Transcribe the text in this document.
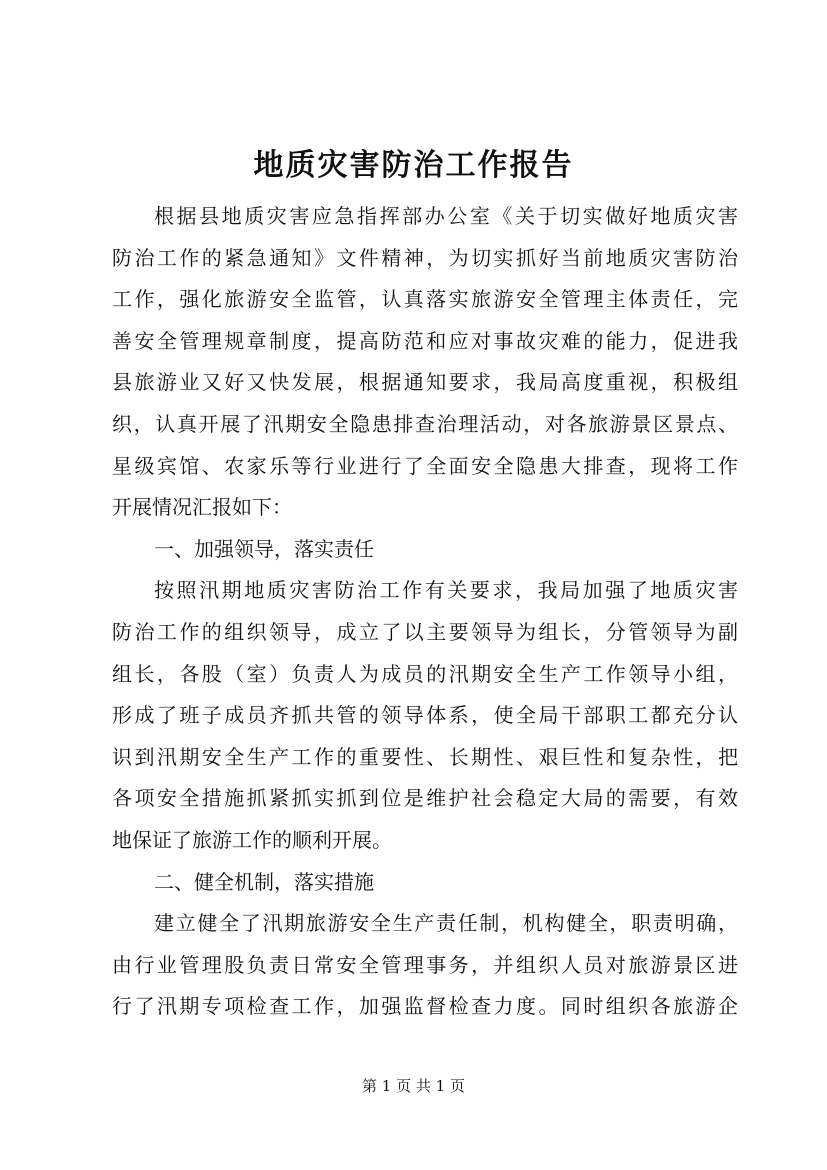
地质灾害防治工作报告

根据县地质灾害应急指挥部办公室《关于切实做好地质灾害

防治工作的紧急通知》文件精神，为切实抓好当前地质灾害防治

工作，强化旅游安全监管，认真落实旅游安全管理主体责任，完

善安全管理规章制度，提高防范和应对事故灾难的能力，促进我

县旅游业又好又快发展，根据通知要求，我局高度重视，积极组

织，认真开展了汛期安全隐患排查治理活动，对各旅游景区景点、

星级宾馆、农家乐等行业进行了全面安全隐患大排查，现将工作

开展情况汇报如下：

一、加强领导，落实责任

按照汛期地质灾害防治工作有关要求，我局加强了地质灾害

防治工作的组织领导，成立了以主要领导为组长，分管领导为副

组长，各股（室）负责人为成员的汛期安全生产工作领导小组，

形成了班子成员齐抓共管的领导体系，使全局干部职工都充分认

识到汛期安全生产工作的重要性、长期性、艰巨性和复杂性，把

各项安全措施抓紧抓实抓到位是维护社会稳定大局的需要，有效

地保证了旅游工作的顺利开展。

二、健全机制，落实措施

建立健全了汛期旅游安全生产责任制，机构健全，职责明确，

由行业管理股负责日常安全管理事务，并组织人员对旅游景区进

行了汛期专项检查工作，加强监督检查力度。同时组织各旅游企

第 1 页 共 1 页
